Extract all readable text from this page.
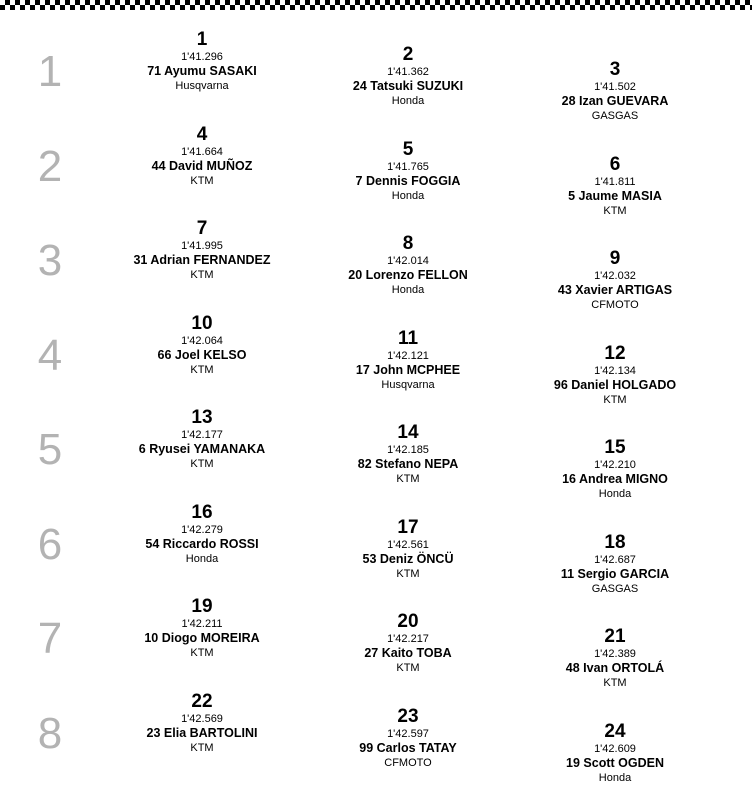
1
1
1'41.296
71 Ayumu SASAKI
Husqvarna
2
1'41.362
24 Tatsuki SUZUKI
Honda
3
1'41.502
28 Izan GUEVARA
GASGAS
2
4
1'41.664
44 David MUÑOZ
KTM
5
1'41.765
7 Dennis FOGGIA
Honda
6
1'41.811
5 Jaume MASIA
KTM
3
7
1'41.995
31 Adrian FERNANDEZ
KTM
8
1'42.014
20 Lorenzo FELLON
Honda
9
1'42.032
43 Xavier ARTIGAS
CFMOTO
4
10
1'42.064
66 Joel KELSO
KTM
11
1'42.121
17 John MCPHEE
Husqvarna
12
1'42.134
96 Daniel HOLGADO
KTM
5
13
1'42.177
6 Ryusei YAMANAKA
KTM
14
1'42.185
82 Stefano NEPA
KTM
15
1'42.210
16 Andrea MIGNO
Honda
6
16
1'42.279
54 Riccardo ROSSI
Honda
17
1'42.561
53 Deniz ÖNCÜ
KTM
18
1'42.687
11 Sergio GARCIA
GASGAS
7
19
1'42.211
10 Diogo MOREIRA
KTM
20
1'42.217
27 Kaito TOBA
KTM
21
1'42.389
48 Ivan ORTOLÁ
KTM
8
22
1'42.569
23 Elia BARTOLINI
KTM
23
1'42.597
99 Carlos TATAY
CFMOTO
24
1'42.609
19 Scott OGDEN
Honda
